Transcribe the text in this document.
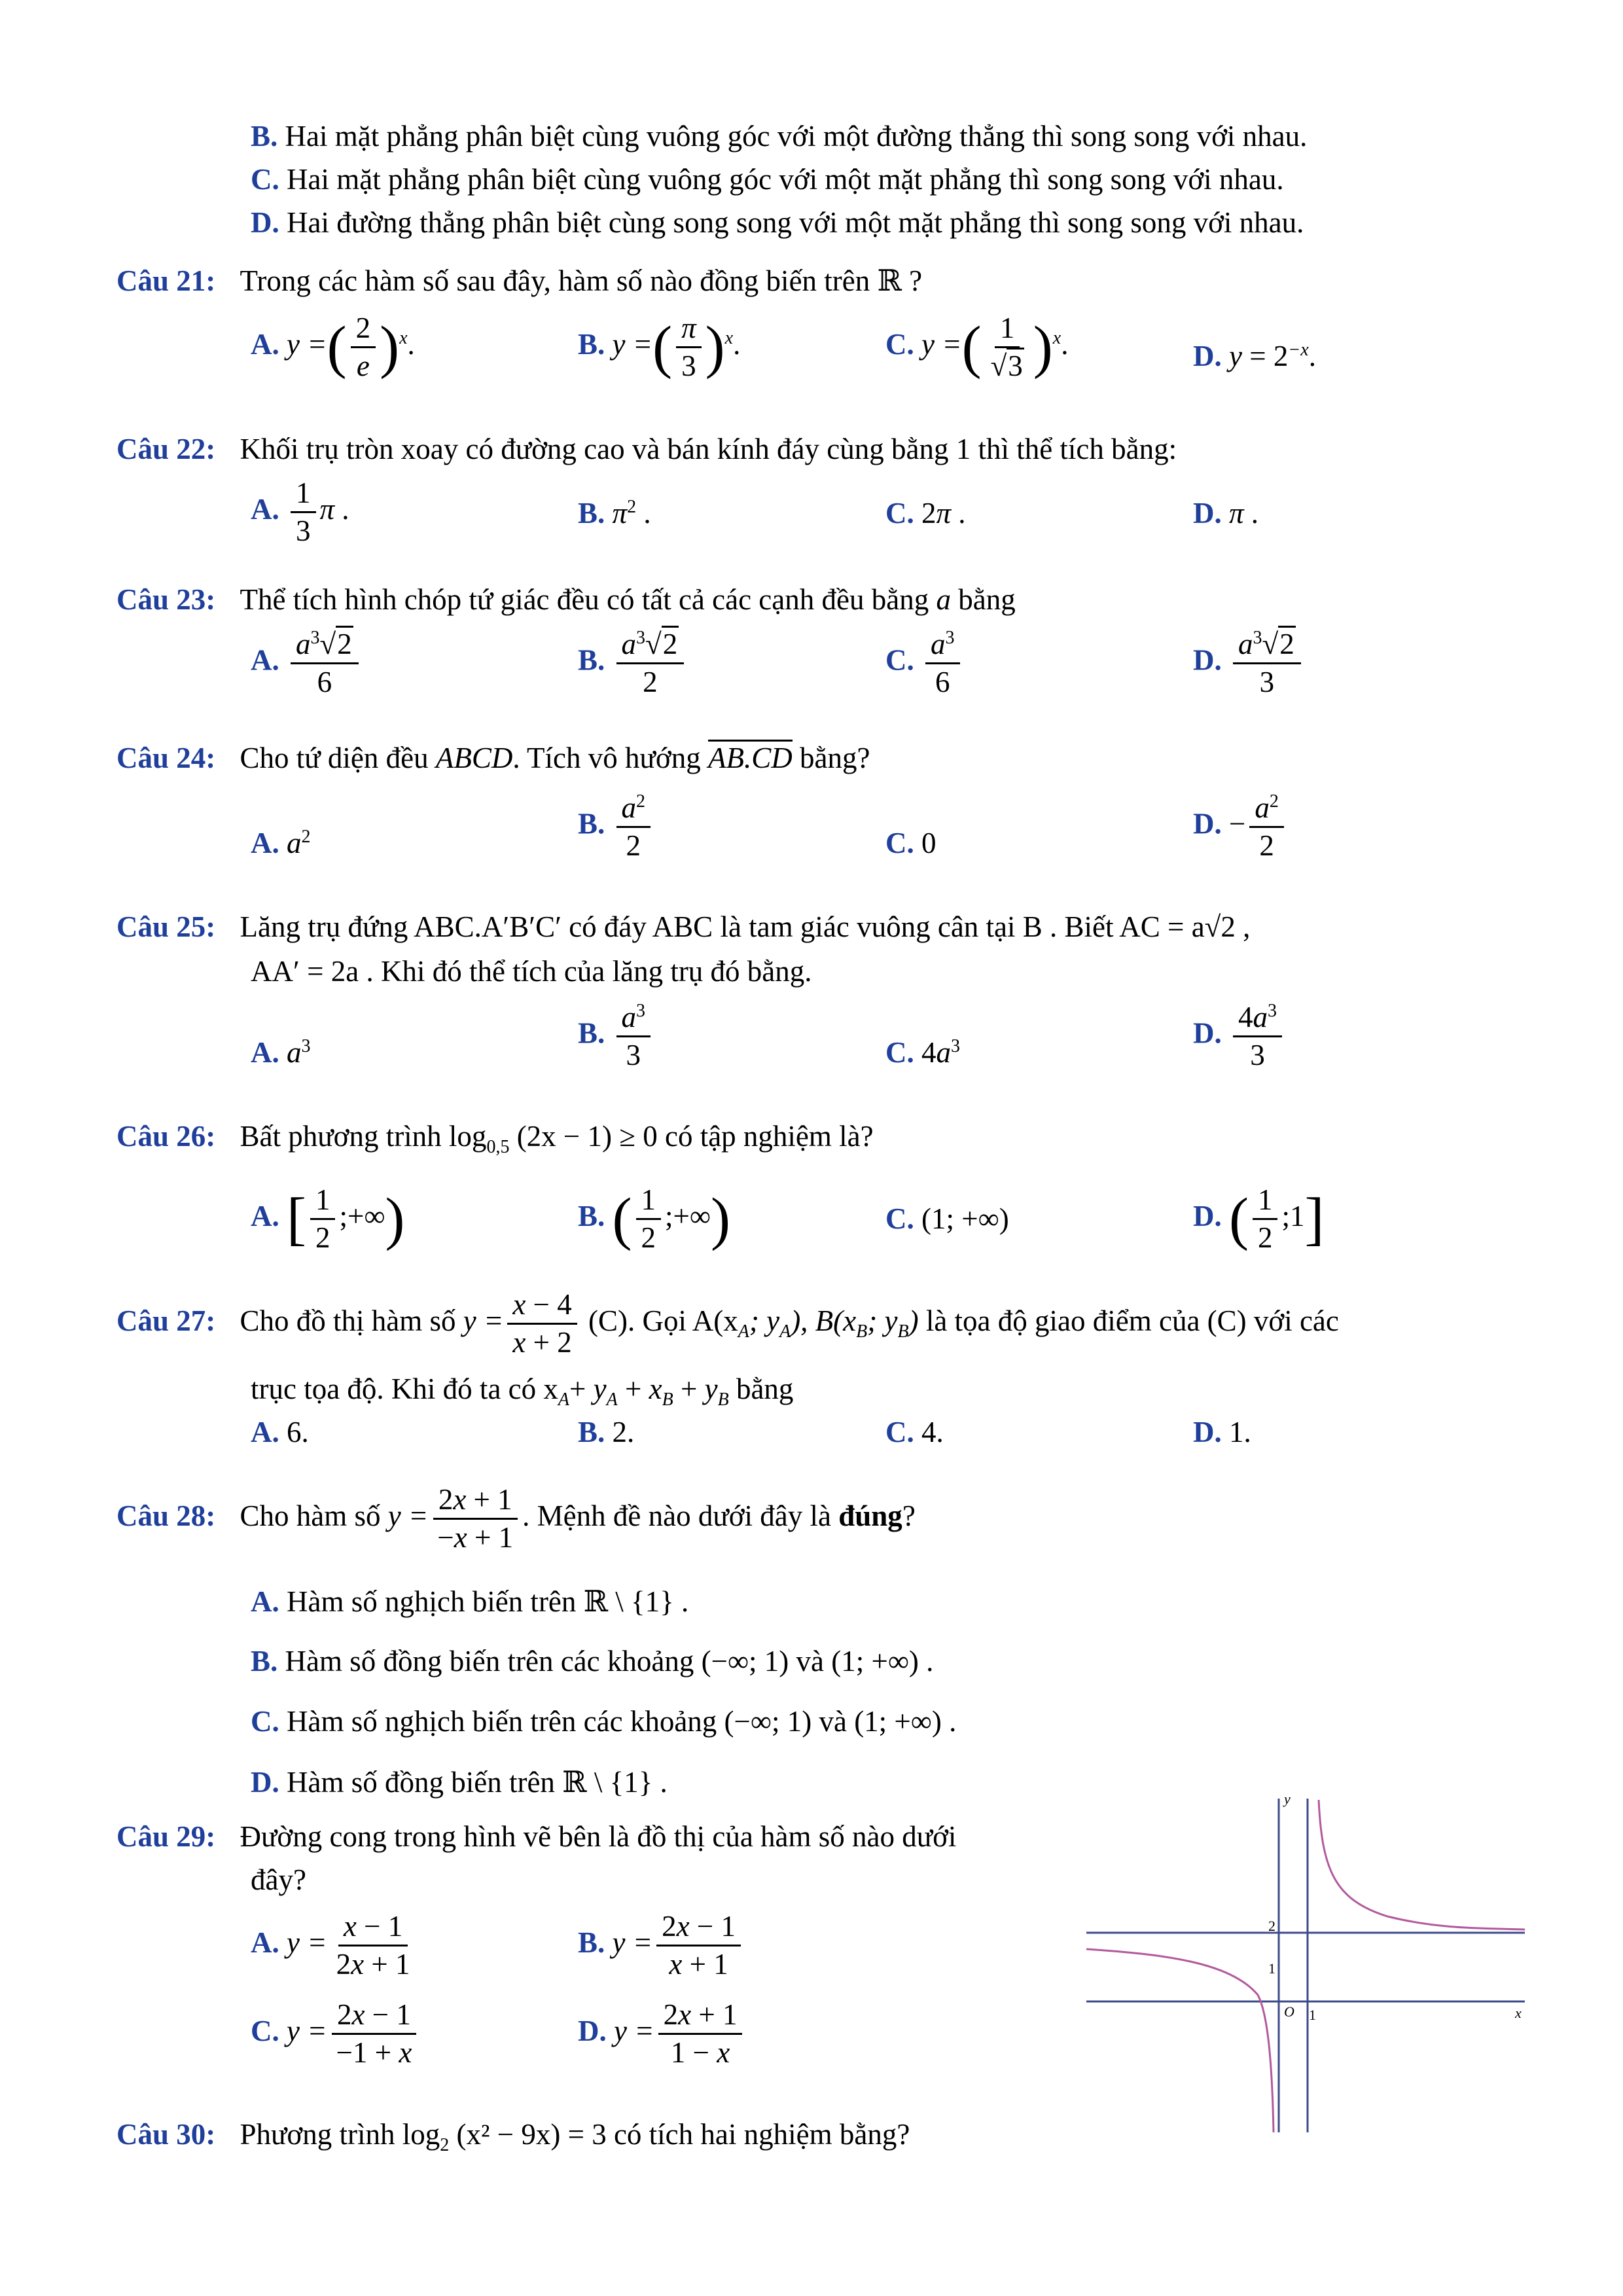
B. Hai mặt phẳng phân biệt cùng vuông góc với một đường thẳng thì song song với nhau.
C. Hai mặt phẳng phân biệt cùng vuông góc với một mặt phẳng thì song song với nhau.
D. Hai đường thẳng phân biệt cùng song song với một mặt phẳng thì song song với nhau.
Câu 21: Trong các hàm số sau đây, hàm số nào đồng biến trên ℝ ?
A. y =( $\frac{2}{e} )^x$.	B. y =( $\frac{\pi}{3} )^x$.	C. y =( $\frac{1}{√3} )^x$.	D. $y = 2^{-x}$.
Câu 22: Khối trụ tròn xoay có đường cao và bán kính đáy cùng bằng 1 thì thể tích bằng:
A. $\frac{1}{3}$ π .	B. $\pi^2$ .	C. 2π .	D. π .
Câu 23: Thể tích hình chóp tứ giác đều có tất cả các cạnh đều bằng a bằng
A. $\frac{a^3√2}{6}$	B. $\frac{a^3√2}{2}$	C. $\frac{a^3}{6}$	D. $\frac{a^3√2}{3}$
Câu 24: Cho tứ diện đều ABCD. Tích vô hướng AB.CD bằng?
A. $a^2$	B. $\frac{a^2}{2}$	C. 0
D. − $\frac{a^2}{2}$
Câu 25: Lăng trụ đứng ABC.A′B′C′ có đáy ABC là tam giác vuông cân tại B . Biết AC = a√2 ,
AA′ = 2a . Khi đó thể tích của lăng trụ đó bằng.
A. $a^3$	B. $\frac{a^3}{3}$	C. $4a^3$	D. $\frac{4a^3}{3}$
Câu 26: Bất phương trình $\log_{0,5} (2x - 1) \ge 0$ có tập nghiệm là?
A. [ $\frac{1}{2}$ ;+∞)	B. ( $\frac{1}{2}$ ;+∞)	C. (1; +∞)	D. ( $\frac{1}{2}$ ;1]
Câu 27: Cho đồ thị hàm số $y = \frac{x - 4}{x + 2} (C)$. Gọi $A(x_A$; $y_A$), $B(x_B$; $y_B$) là tọa độ giao điểm của (C) với các
trục tọa độ. Khi đó ta có $x_A+ y_A + x_B + y_B$ bằng
A. 6.	B. 2.	C. 4.	D. 1.
Câu 28: Cho hàm số $y = \frac{2x + 1}{-x + 1}$ . Mệnh đề nào dưới đây là đúng?
A. Hàm số nghịch biến trên ℝ \ {1} .
B. Hàm số đồng biến trên các khoảng (−∞; 1) và (1; +∞) .
C. Hàm số nghịch biến trên các khoảng (−∞; 1) và (1; +∞) .
D. Hàm số đồng biến trên ℝ \ {1} .
Câu 29: Đường cong trong hình vẽ bên là đồ thị của hàm số nào dưới
đây?
A. $y = \frac{x - 1}{2x + 1}$	B. $y = \frac{2x - 1}{x + 1}$
C. $y = \frac{2x - 1}{-1 + x}$	D. $y = \frac{2x + 1}{1 - x}$
y
x
O 1
1
2
Câu 30: Phương trình $\log_2 (x^2 - 9x) = 3$ có tích hai nghiệm bằng?
